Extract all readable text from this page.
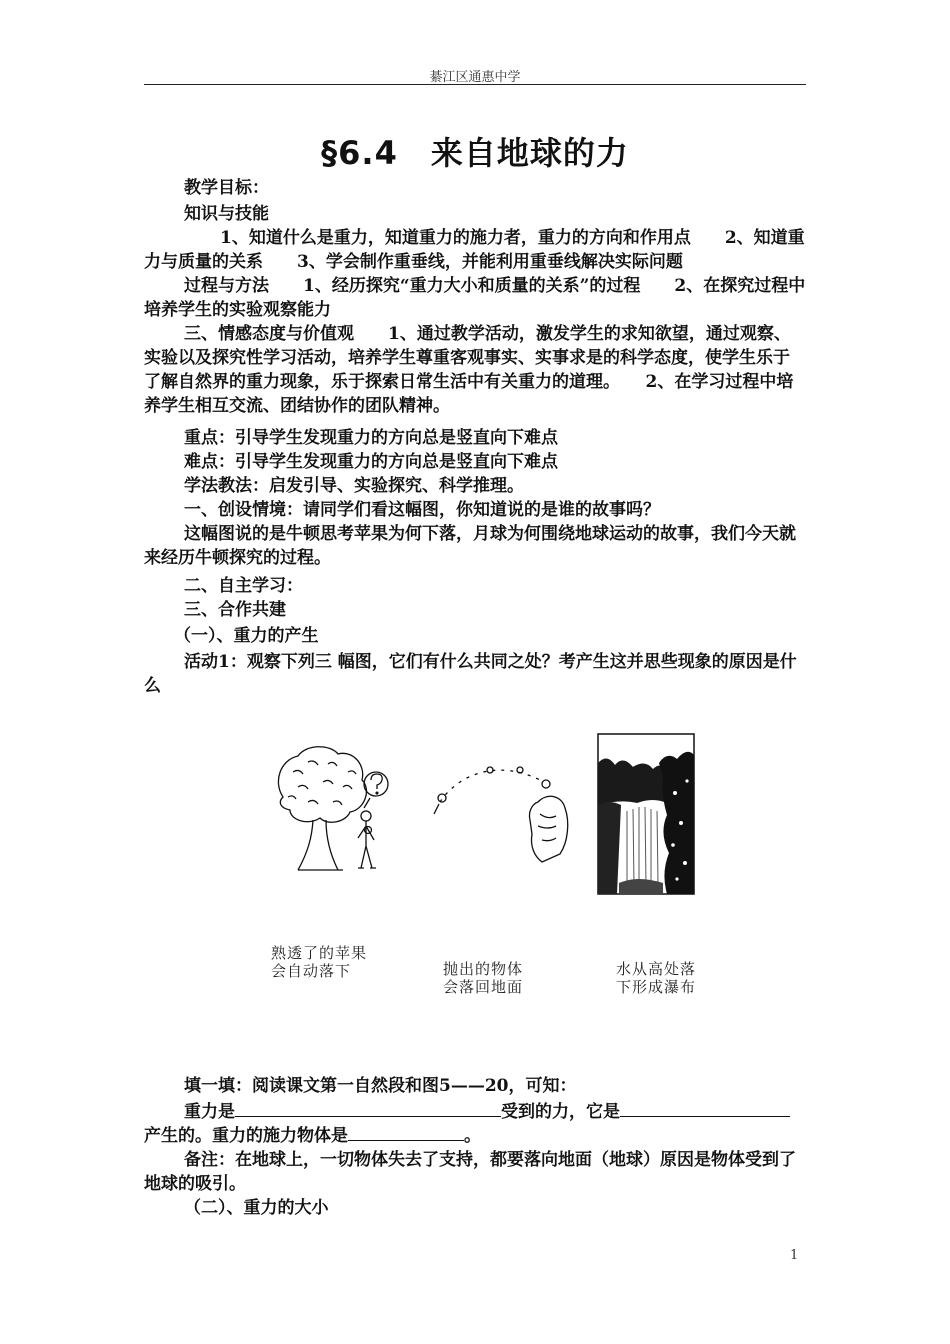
綦江区通惠中学
§6.4　来自地球的力
教学目标：
知识与技能
1、知道什么是重力，知道重力的施力者，重力的方向和作用点　　2、知道重力与质量的关系　　3、学会制作重垂线，并能利用重垂线解决实际问题
过程与方法　　1、经历探究“重力大小和质量的关系”的过程　　2、在探究过程中培养学生的实验观察能力
三、情感态度与价值观　　1、通过教学活动，激发学生的求知欲望，通过观察、实验以及探究性学习活动，培养学生尊重客观事实、实事求是的科学态度，使学生乐于了解自然界的重力现象，乐于探索日常生活中有关重力的道理。　　2、在学习过程中培养学生相互交流、团结协作的团队精神。
重点：引导学生发现重力的方向总是竖直向下难点
难点：引导学生发现重力的方向总是竖直向下难点
学法教法：启发引导、实验探究、科学推理。
一、创设情境：请同学们看这幅图，你知道说的是谁的故事吗？
这幅图说的是牛顿思考苹果为何下落，月球为何围绕地球运动的故事，我们今天就来经历牛顿探究的过程。
二、自主学习：
三、合作共建
（一）、重力的产生
活动1：观察下列三 幅图，它们有什么共同之处？考产生这并思些现象的原因是什么
熟透了的苹果
会自动落下	抛出的物体
会落回地面
水从高处落
下形成瀑布
填一填：阅读课文第一自然段和图5——20，可知：
重力是	受到的力，它是
产生的。重力的施力物体是	。
备注：在地球上，一切物体失去了支持，都要落向地面（地球）原因是物体受到了地球的吸引。
（二）、重力的大小
1
